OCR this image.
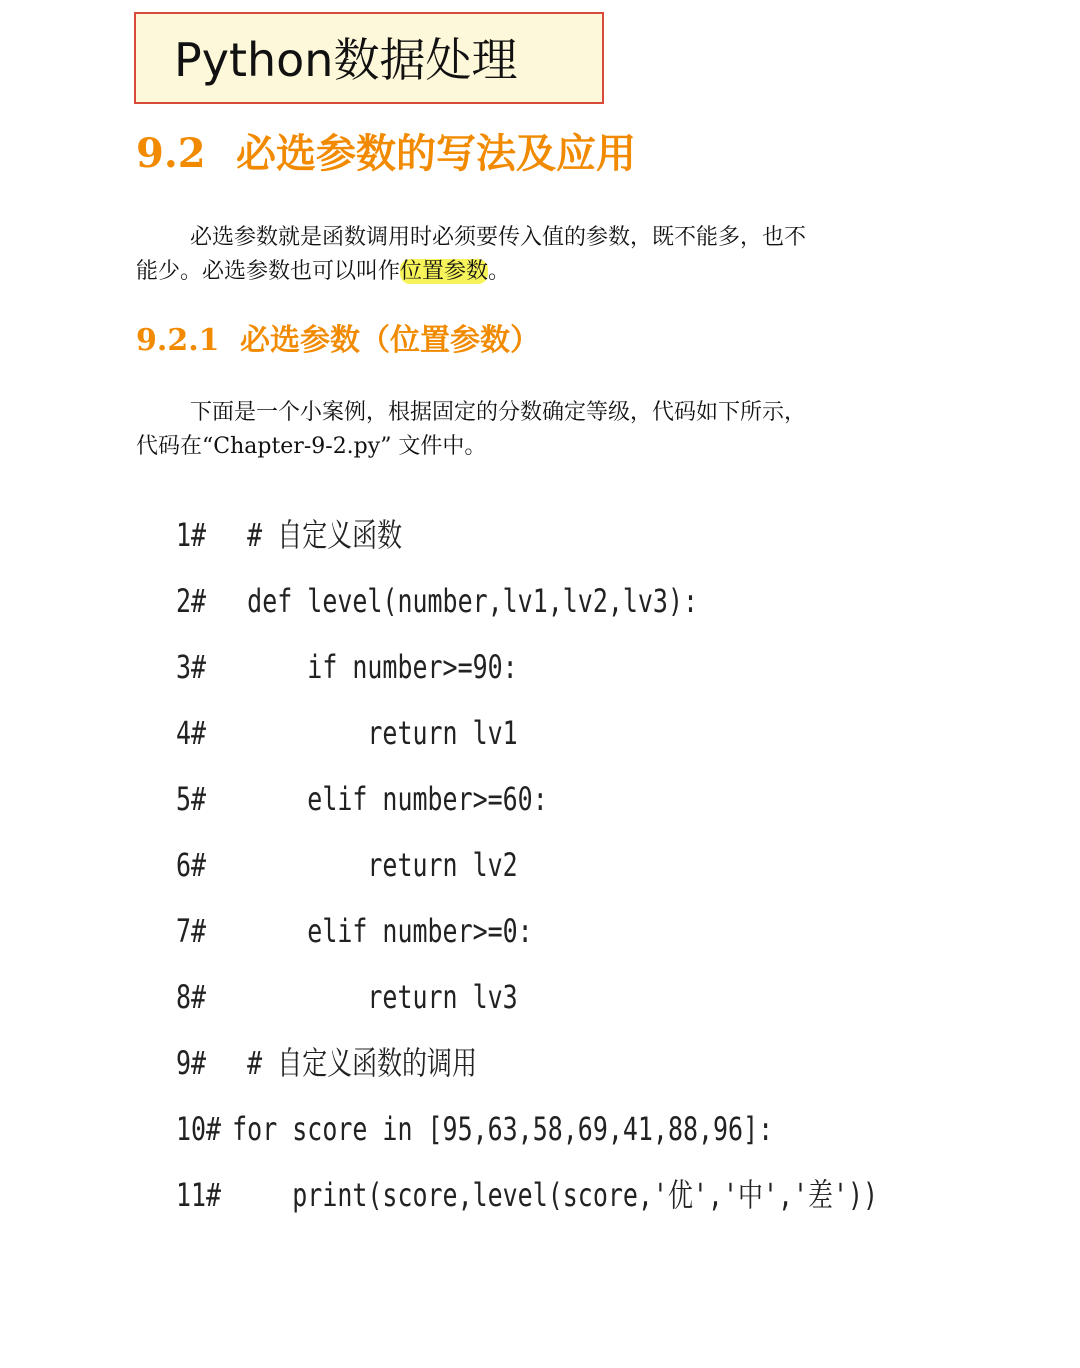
Python数据处理
9.2 必选参数的写法及应用
必选参数就是函数调用时必须要传入值的参数，既不能多，也不
能少。必选参数也可以叫作位置参数。
9.2.1 必选参数（位置参数）
下面是一个小案例，根据固定的分数确定等级，代码如下所示，
代码在“Chapter-9-2.py” 文件中。
1# # 自定义函数
2# def level(number,lv1,lv2,lv3):
3#     if number>=90:
4#         return lv1
5#     elif number>=60:
6#         return lv2
7#     elif number>=0:
8#         return lv3
9# # 自定义函数的调用
10# for score in [95,63,58,69,41,88,96]:
11#    print(score,level(score,'优','中','差'))
